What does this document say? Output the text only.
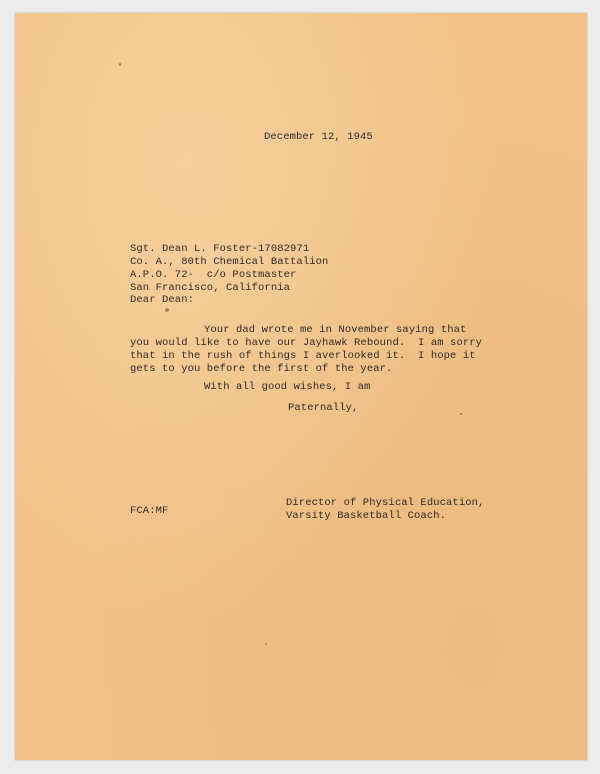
December 12, 1945
Sgt. Dean L. Foster-17082971
Co. A., 80th Chemical Battalion
A.P.O. 72-  c/o Postmaster
San Francisco, California
Dear Dean:
Your dad wrote me in November saying that
you would like to have our Jayhawk Rebound.  I am sorry
that in the rush of things I averlooked it.  I hope it
gets to you before the first of the year.
With all good wishes, I am
Paternally,
FCA:MF
Director of Physical Education,
Varsity Basketball Coach.
